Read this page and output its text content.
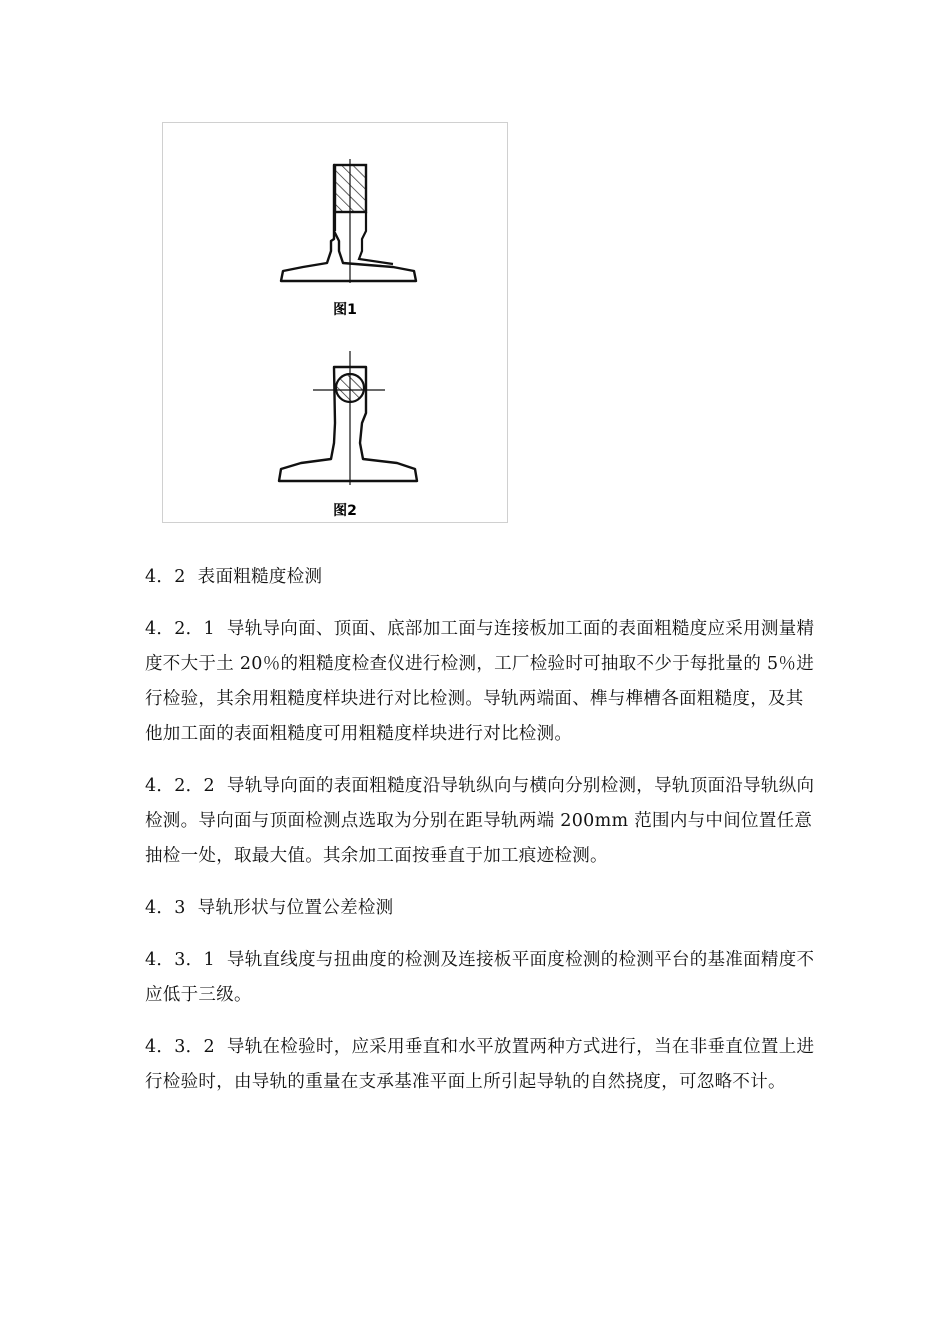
图1
图2

4．2 表面粗糙度检测

4．2．1 导轨导向面、顶面、底部加工面与连接板加工面的表面粗糙度应采用测量精度不大于土 20％的粗糙度检查仪进行检测，工厂检验时可抽取不少于每批量的 5％进行检验，其余用粗糙度样块进行对比检测。导轨两端面、榫与榫槽各面粗糙度，及其他加工面的表面粗糙度可用粗糙度样块进行对比检测。

4．2．2 导轨导向面的表面粗糙度沿导轨纵向与横向分别检测，导轨顶面沿导轨纵向检测。导向面与顶面检测点选取为分别在距导轨两端 200mm 范围内与中间位置任意抽检一处，取最大值。其余加工面按垂直于加工痕迹检测。

4．3 导轨形状与位置公差检测

4．3．1 导轨直线度与扭曲度的检测及连接板平面度检测的检测平台的基准面精度不应低于三级。

4．3．2 导轨在检验时，应采用垂直和水平放置两种方式进行，当在非垂直位置上进行检验时，由导轨的重量在支承基准平面上所引起导轨的自然挠度，可忽略不计。
